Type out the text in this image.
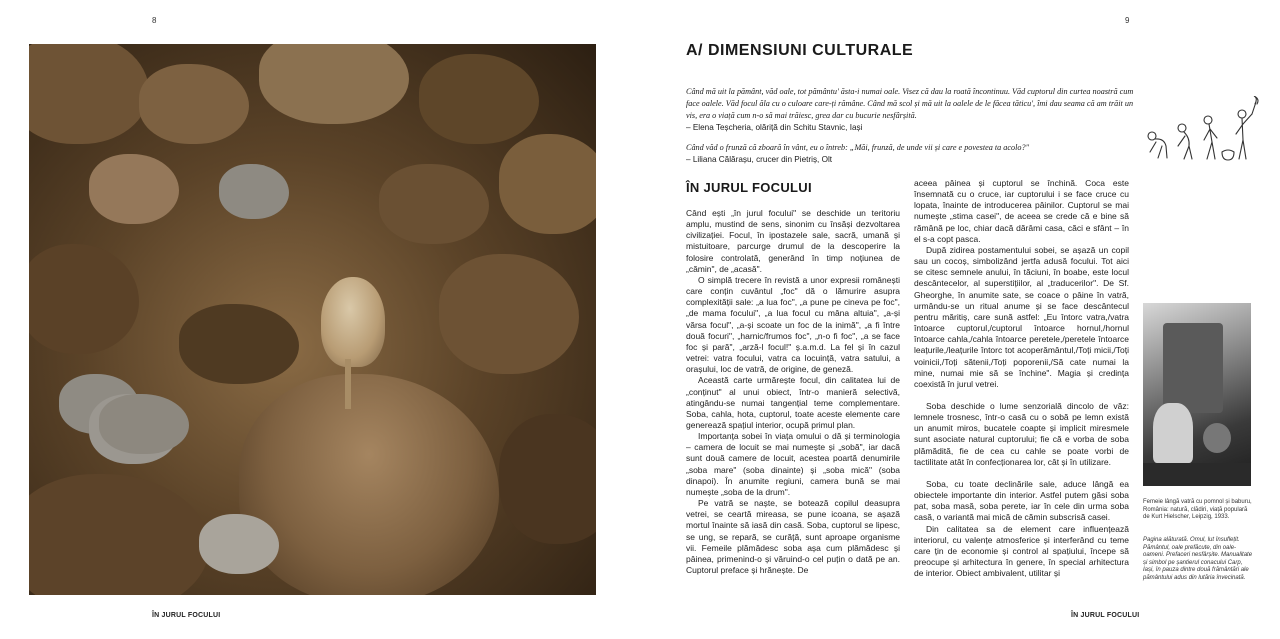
8
ÎN JURUL FOCULUI
9
A/ DIMENSIUNI CULTURALE
Când mă uit la pământ, văd oale, tot pământu' ăsta-i numai oale. Visez că dau la roată încontinuu. Văd cuptorul din curtea noastră cum face oalele. Văd focul ăla cu o culoare care-ți rămâne. Când mă scol și mă uit la oalele de le făcea tăticu', îmi dau seama că am trăit un vis, era o viață cum n-o să mai trăiesc, grea dar cu bucurie nesfârșită.
– Elena Teșcheria, olăriță din Schitu Stavnic, Iași
Când văd o frunză că zboară în vânt, eu o întreb: „Măi, frunză, de unde vii și care e povestea ta acolo?"
– Liliana Călărașu, crucer din Pietriș, Olt
ÎN JURUL FOCULUI

Când ești „în jurul focului" se deschide un teritoriu amplu, mustind de sens, sinonim cu însăși dezvoltarea civilizației. Focul, în ipostazele sale, sacră, umană și mistuitoare, parcurge drumul de la descoperire la folosire controlată, generând în timp noțiunea de „cămin", de „acasă".

O simplă trecere în revistă a unor expresii românești care conțin cuvântul „foc" dă o lămurire asupra complexității sale: „a lua foc", „a pune pe cineva pe foc", „de mama focului", „a lua focul cu mâna altuia", „a-și vărsa focul", „a-și scoate un foc de la inimă", „a fi între două focuri", „harnic/frumos foc", „n-o fi foc", „a se face foc și pară", „arză-l focul!" ș.a.m.d. La fel și în cazul vetrei: vatra focului, vatra ca locuință, vatra satului, a orașului, loc de vatră, de origine, de geneză.

Această carte urmărește focul, din calitatea lui de „conținut" al unui obiect, într-o manieră selectivă, atingându-se numai tangențial teme complementare. Soba, cahla, hota, cuptorul, toate aceste elemente care generează spațiul interior, ocupă primul plan.

Importanța sobei în viața omului o dă și terminologia – camera de locuit se mai numește și „sobă", iar dacă sunt două camere de locuit, acestea poartă denumirile „soba mare" (soba dinainte) și „soba mică" (soba dinapoi). În anumite regiuni, camera bună se mai numește „soba de la drum".

Pe vatră se naște, se botează copilul deasupra vetrei, se ceartă mireasa, se pune icoana, se așază mortul înainte să iasă din casă. Soba, cuptorul se lipesc, se ung, se repară, se curăță, sunt aproape organisme vii. Femeile plămădesc soba așa cum plămădesc și pâinea, primenind-o și văruind-o cel puțin o dată pe an. Cuptorul preface și hrănește. De

aceea pâinea și cuptorul se închină. Coca este însemnată cu o cruce, iar cuptorului i se face cruce cu lopata, înainte de introducerea pâinilor. Cuptorul se mai numește „stima casei", de aceea se crede că e bine să rămână pe loc, chiar dacă dărâmi casa, căci e sfânt – în el s-a copt pasca.

După zidirea postamentului sobei, se așază un copil sau un cocoș, simbolizând jertfa adusă focului. Tot aici se citesc semnele anului, în tăciuni, în boabe, este locul descântecelor, al superstițiilor, al „traducerilor". De Sf. Gheorghe, în anumite sate, se coace o pâine în vatră, urmându-se un ritual anume și se face descântecul pentru măritiș, care sună astfel: „Eu întorc vatra,/vatra întoarce cuptorul,/cuptorul întoarce hornul,/hornul întoarce cahla,/cahla întoarce peretele,/peretele întoarce leațurile,/leațurile întorc tot acoperământul,/Toți micii,/Toți voinicii,/Toți sătenii,/Toți poporenii,/Să cate numai la mine, numai mie să se închine". Magia și credința coexistă în jurul vetrei.

Soba deschide o lume senzorială dincolo de văz: lemnele trosnesc, într-o casă cu o sobă pe lemn există un anumit miros, bucatele coapte și implicit miresmele sunt asociate natural cuptorului; fie că e vorba de soba plămădită, fie de cea cu cahle se poate vorbi de tactilitate atât în confecționarea lor, cât și în utilizare.

Soba, cu toate declinările sale, aduce lângă ea obiectele importante din interior. Astfel putem găsi soba pat, soba masă, soba perete, iar în cele din urma soba casă, o variantă mai mică de cămin subscrisă casei.

Din calitatea sa de element care influențează interiorul, cu valențe atmosferice și interferând cu teme care țin de economie și control al spațiului, începe să preocupe și arhitectura în genere, în special arhitectura de interior. Obiect ambivalent, utilitar și

Femeie lângă vatră cu pomnol și baburu, România: natură, clădiri, viață populară de Kurt Hielscher, Leipzig, 1933.
Pagina alăturată. Omul, lut însuflețit. Pământul, oale prefăcute, din oale-oameni. Prefaceri nesfârșite. Manualitate și simbol pe șantierul conacului Carp, Iași, în pauza dintre două frământări ale pământului adus din lutăria învecinată.
ÎN JURUL FOCULUI
